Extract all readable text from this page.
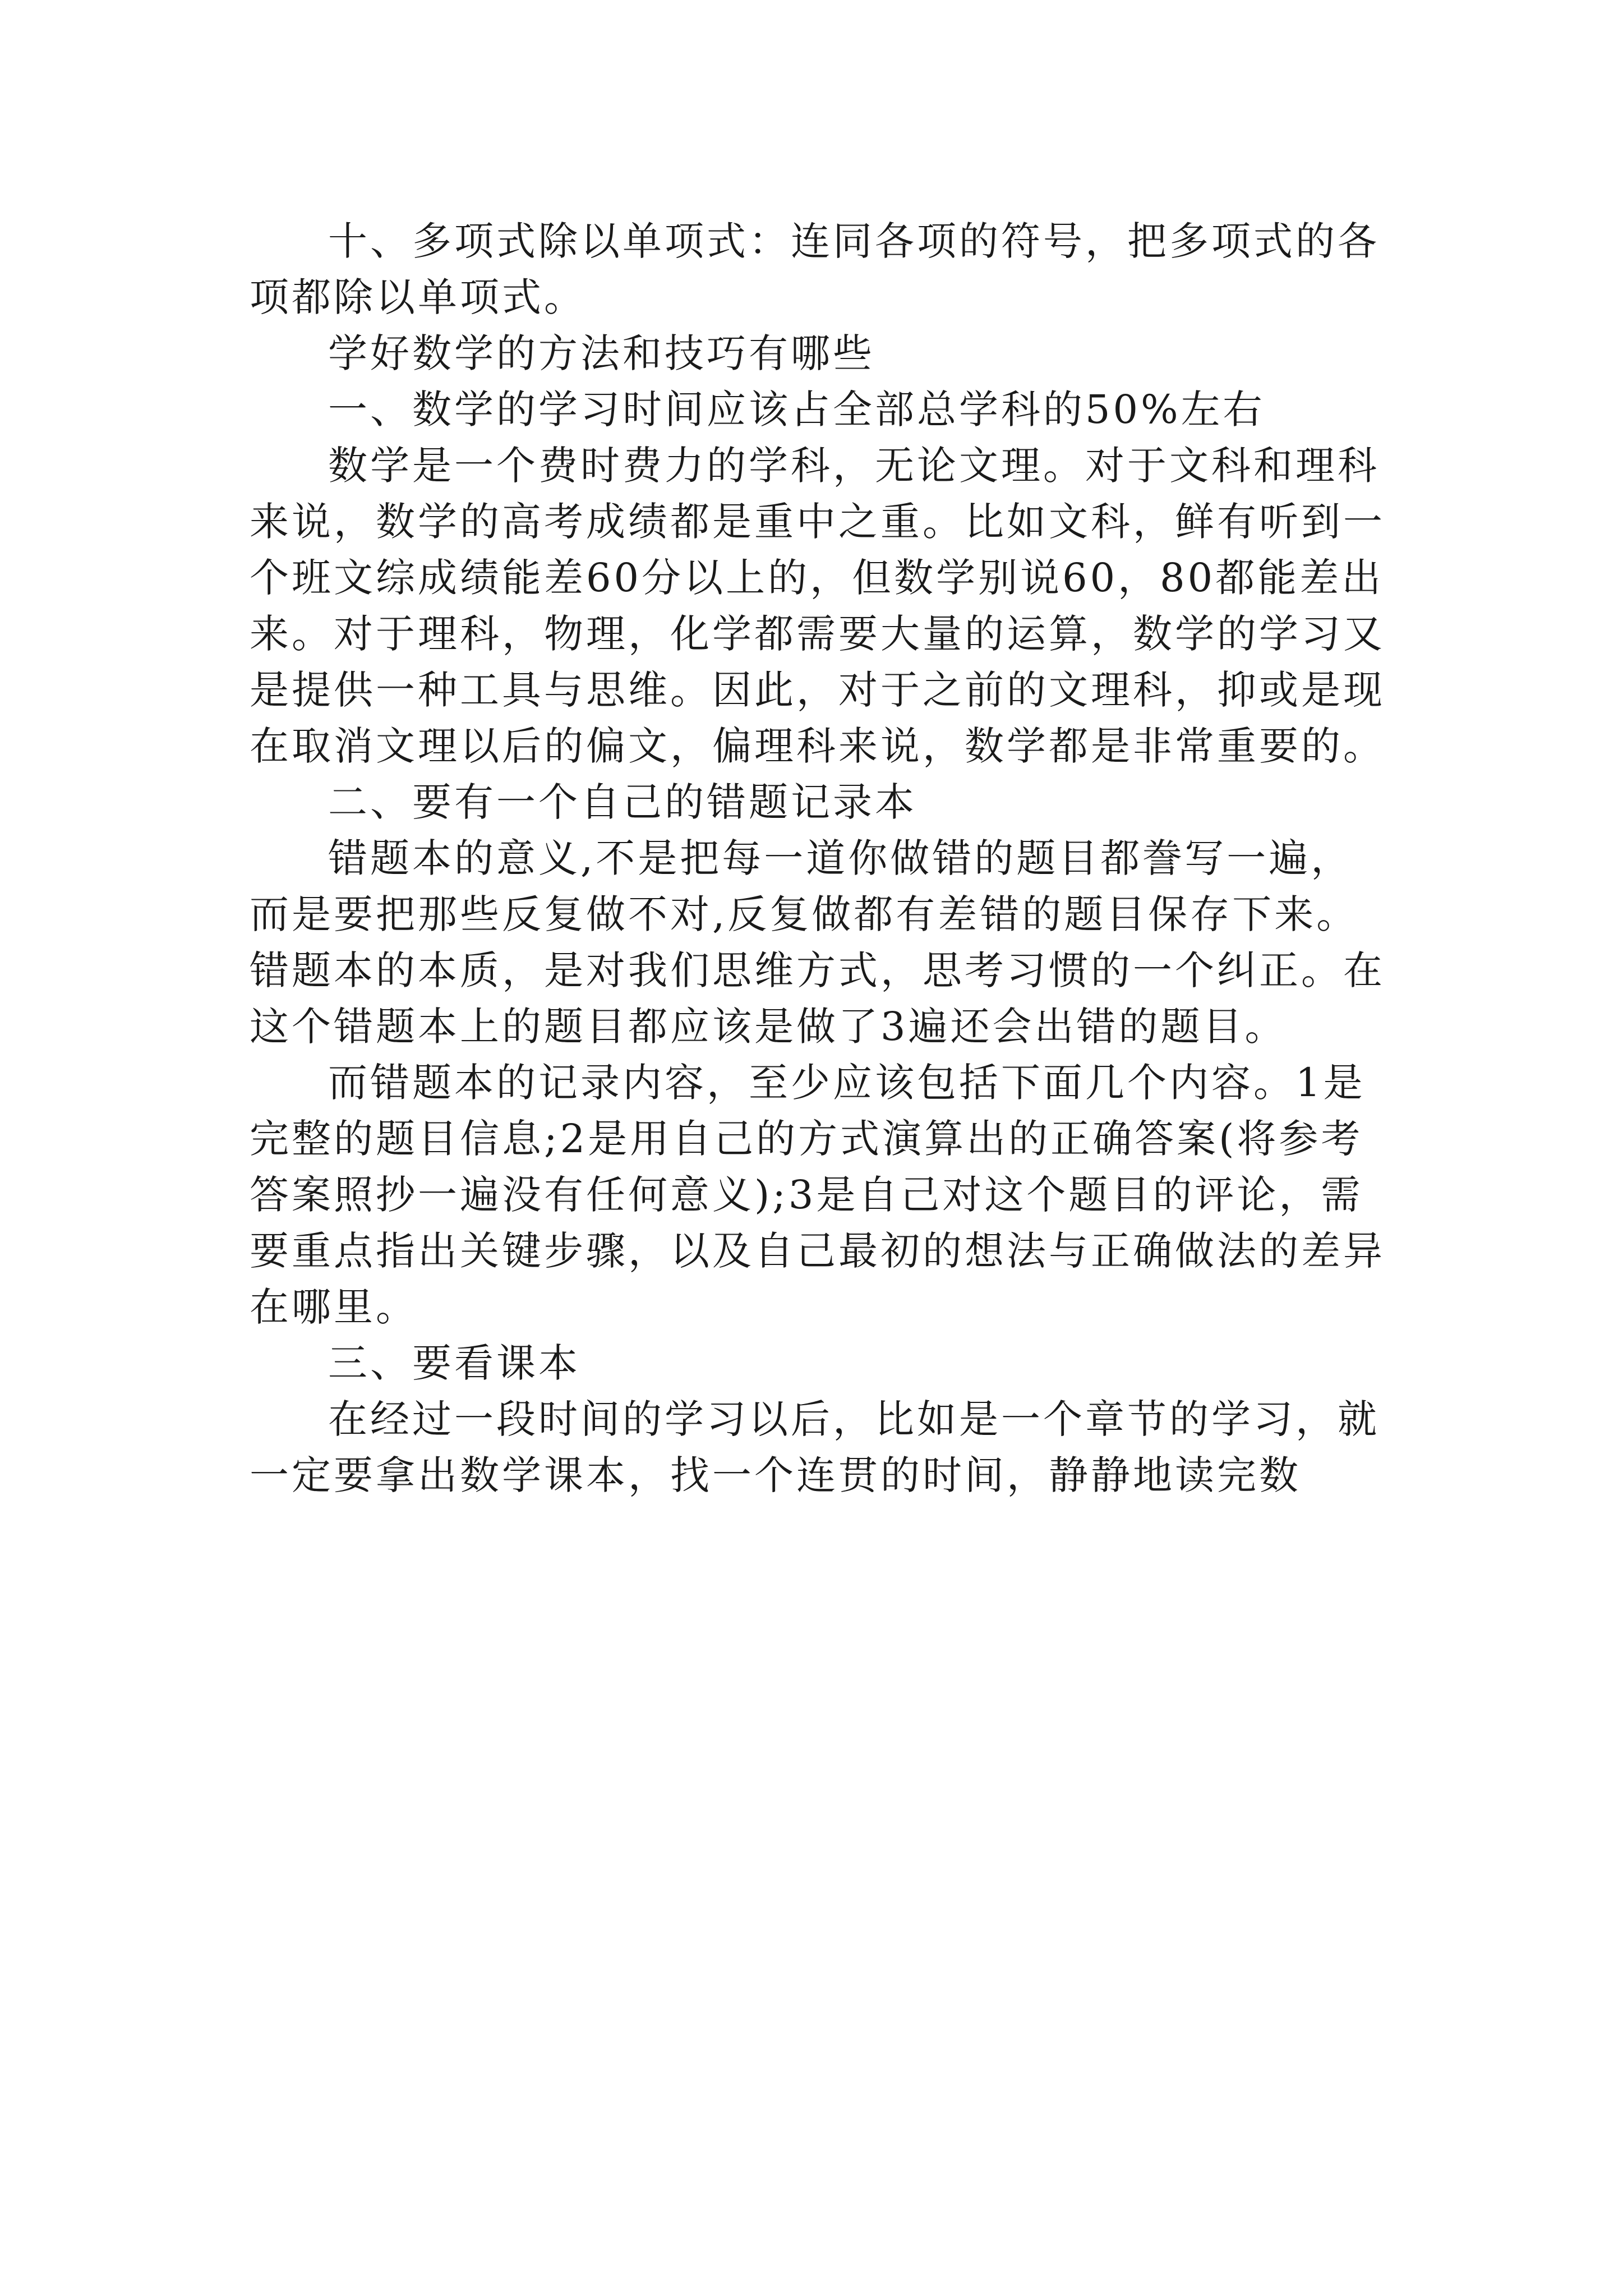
十、多项式除以单项式：连同各项的符号，把多项式的各项都除以单项式。

学好数学的方法和技巧有哪些

一、数学的学习时间应该占全部总学科的50%左右

数学是一个费时费力的学科，无论文理。对于文科和理科来说，数学的高考成绩都是重中之重。比如文科，鲜有听到一个班文综成绩能差60分以上的，但数学别说60，80都能差出来。对于理科，物理，化学都需要大量的运算，数学的学习又是提供一种工具与思维。因此，对于之前的文理科，抑或是现在取消文理以后的偏文，偏理科来说，数学都是非常重要的。

二、要有一个自己的错题记录本

错题本的意义,不是把每一道你做错的题目都誊写一遍，而是要把那些反复做不对,反复做都有差错的题目保存下来。错题本的本质，是对我们思维方式，思考习惯的一个纠正。在这个错题本上的题目都应该是做了3遍还会出错的题目。

而错题本的记录内容，至少应该包括下面几个内容。1是完整的题目信息;2是用自己的方式演算出的正确答案(将参考答案照抄一遍没有任何意义);3是自己对这个题目的评论，需要重点指出关键步骤，以及自己最初的想法与正确做法的差异在哪里。

三、要看课本

在经过一段时间的学习以后，比如是一个章节的学习，就一定要拿出数学课本，找一个连贯的时间，静静地读完数
